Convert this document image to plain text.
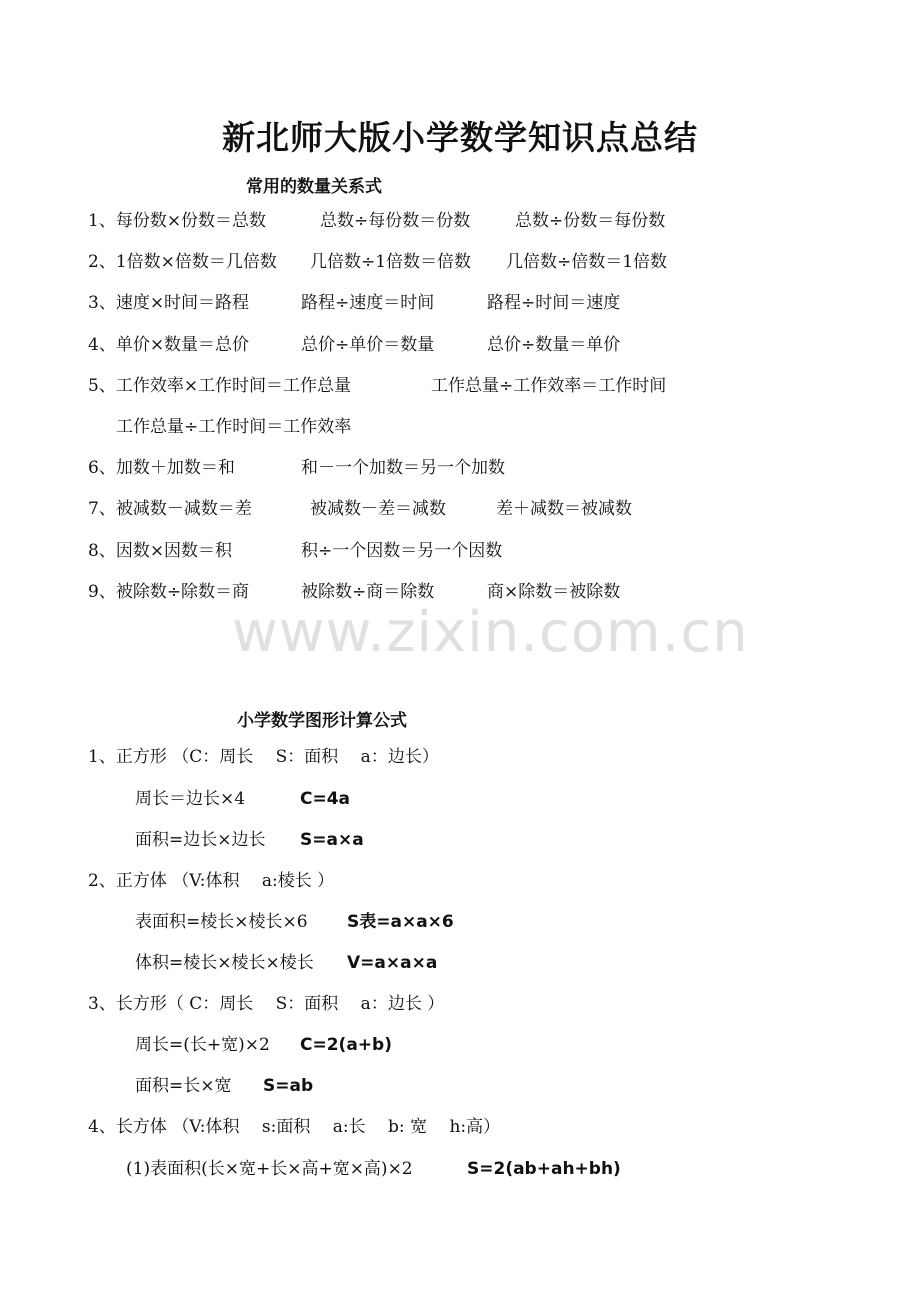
新北师大版小学数学知识点总结
常用的数量关系式
1、每份数×份数＝总数	总数÷每份数＝份数	总数÷份数＝每份数
2、1倍数×倍数＝几倍数 几倍数÷1倍数＝倍数 几倍数÷倍数＝1倍数
3、速度×时间＝路程	路程÷速度＝时间	路程÷时间＝速度
4、单价×数量＝总价	总价÷单价＝数量	总价÷数量＝单价
5、工作效率×工作时间＝工作总量	工作总量÷工作效率＝工作时间
工作总量÷工作时间＝工作效率
6、加数＋加数＝和	和－一个加数＝另一个加数
7、被减数－减数＝差	被减数－差＝减数	差＋减数＝被减数
8、因数×因数＝积	积÷一个因数＝另一个因数
9、被除数÷除数＝商	被除数÷商＝除数	商×除数＝被除数
www.zixin.com.cn
小学数学图形计算公式
1、正方形 （C：周长　 S：面积　 a：边长）
周长＝边长×4	C=4a
面积=边长×边长 S=a×a
2、正方体 （V:体积　 a:棱长 ）
表面积=棱长×棱长×6 S表=a×a×6
体积=棱长×棱长×棱长 V=a×a×a
3、长方形（ C：周长　 S：面积　 a：边长 ）
周长=(长+宽)×2 C=2(a+b)
面积=长×宽 S=ab
4、长方体 （V:体积　 s:面积　 a:长　 b: 宽　 h:高）
(1)表面积(长×宽+长×高+宽×高)×2	S=2(ab+ah+bh)
